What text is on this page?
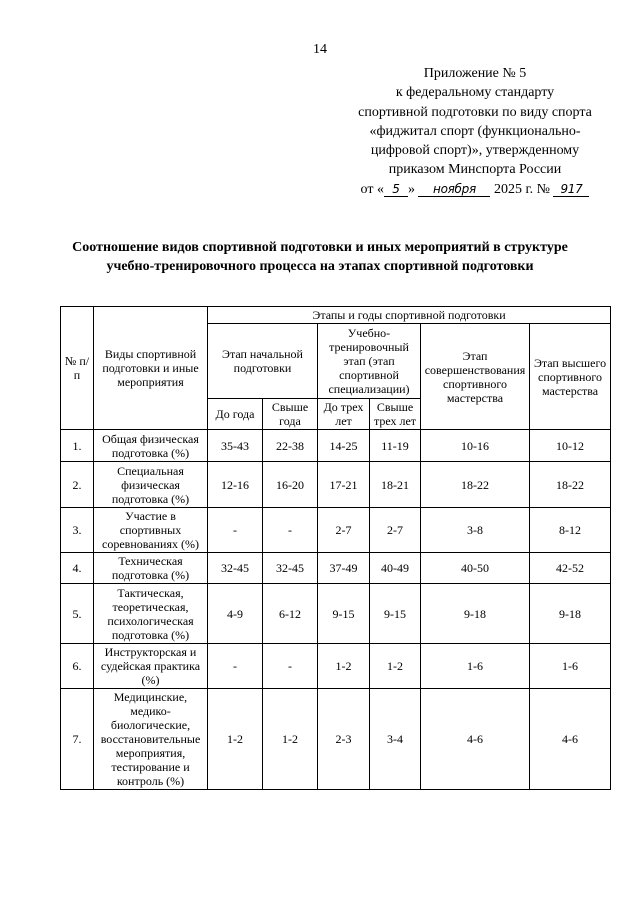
14
Приложение № 5
к федеральному стандарту
спортивной подготовки по виду спорта
«фиджитал спорт (функционально-
цифровой спорт)», утвержденному
приказом Минспорта России
от « 5 » ноября 2025 г. № 917
Соотношение видов спортивной подготовки и иных мероприятий в структуре
учебно-тренировочного процесса на этапах спортивной подготовки
№ п/п	Виды спортивной подготовки и иные мероприятия	Этапы и годы спортивной подготовки					
		Этап начальной подготовки		Учебно-тренировочный этап (этап спортивной специализации)		Этап совершенствования спортивного мастерства	Этап высшего спортивного мастерства
		До года	Свыше года	До трех лет	Свыше трех лет		
1.	Общая физическая подготовка (%)	35-43	22-38	14-25	11-19	10-16	10-12
2.	Специальная физическая подготовка (%)	12-16	16-20	17-21	18-21	18-22	18-22
3.	Участие в спортивных соревнованиях (%)	-	-	2-7	2-7	3-8	8-12
4.	Техническая подготовка (%)	32-45	32-45	37-49	40-49	40-50	42-52
5.	Тактическая, теоретическая, психологическая подготовка (%)	4-9	6-12	9-15	9-15	9-18	9-18
6.	Инструкторская и судейская практика (%)	-	-	1-2	1-2	1-6	1-6
7.	Медицинские, медико-биологические, восстановительные мероприятия, тестирование и контроль (%)	1-2	1-2	2-3	3-4	4-6	4-6
